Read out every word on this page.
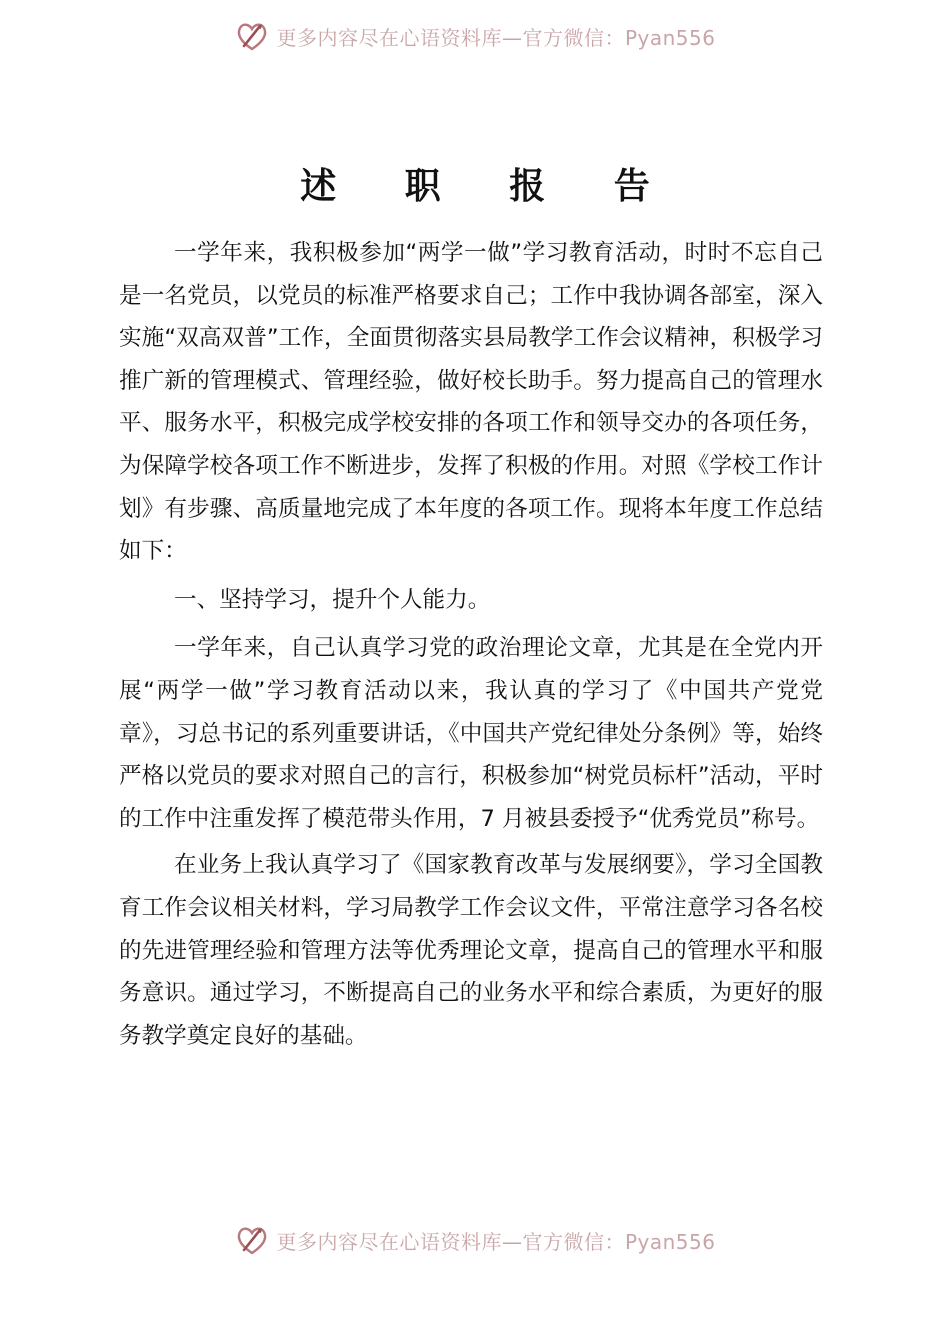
更多内容尽在心语资料库—官方微信：Pyan556
述 职 报 告

一学年来，我积极参加“两学一做”学习教育活动，时时不忘自己是一名党员，以党员的标准严格要求自己；工作中我协调各部室，深入实施“双高双普”工作，全面贯彻落实县局教学工作会议精神，积极学习推广新的管理模式、管理经验，做好校长助手。努力提高自己的管理水平、服务水平，积极完成学校安排的各项工作和领导交办的各项任务，为保障学校各项工作不断进步，发挥了积极的作用。对照《学校工作计划》有步骤、高质量地完成了本年度的各项工作。现将本年度工作总结如下：

一、坚持学习，提升个人能力。

一学年来，自己认真学习党的政治理论文章，尤其是在全党内开展“两学一做”学习教育活动以来，我认真的学习了《中国共产党党章》，习总书记的系列重要讲话，《中国共产党纪律处分条例》等，始终严格以党员的要求对照自己的言行，积极参加“树党员标杆”活动，平时的工作中注重发挥了模范带头作用，7 月被县委授予“优秀党员”称号。

在业务上我认真学习了《国家教育改革与发展纲要》，学习全国教育工作会议相关材料，学习局教学工作会议文件，平常注意学习各名校的先进管理经验和管理方法等优秀理论文章，提高自己的管理水平和服务意识。通过学习，不断提高自己的业务水平和综合素质，为更好的服务教学奠定良好的基础。

更多内容尽在心语资料库—官方微信：Pyan556
